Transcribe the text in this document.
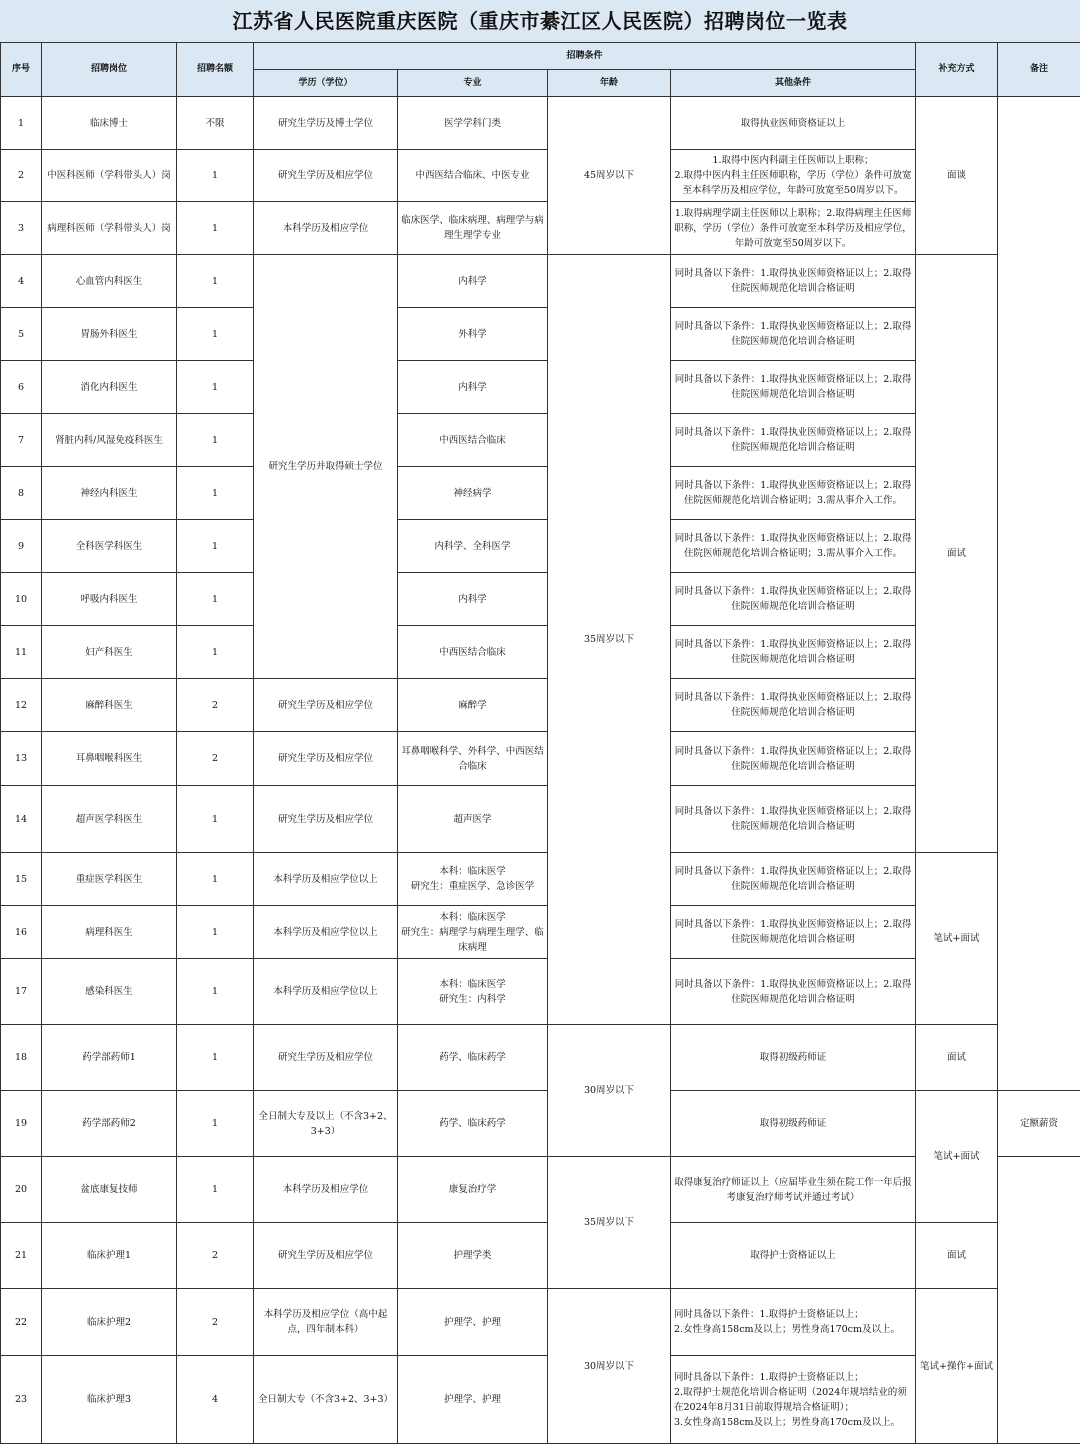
江苏省人民医院重庆医院（重庆市綦江区人民医院）招聘岗位一览表
序号	招聘岗位	招聘名额	招聘条件				补充方式	备注
			学历（学位）	专业	年龄	其他条件		
1	临床博士	不限	研究生学历及博士学位	医学学科门类	45周岁以下	取得执业医师资格证以上	面谈	
2	中医科医师（学科带头人）岗	1	研究生学历及相应学位	中西医结合临床、中医专业		1.取得中医内科副主任医师以上职称；
2.取得中医内科主任医师职称，学历（学位）条件可放宽至本科学历及相应学位，年龄可放宽至50周岁以下。		

3	病理科医师（学科带头人）岗	1	本科学历及相应学位	临床医学、临床病理、病理学与病理生理学专业		1.取得病理学副主任医师以上职称；2.取得病理主任医师职称，学历（学位）条件可放宽至本科学历及相应学位，年龄可放宽至50周岁以下。		
4	心血管内科医生	1	研究生学历并取得硕士学位	内科学	35周岁以下	同时具备以下条件：1.取得执业医师资格证以上；2.取得住院医师规范化培训合格证明	面试	
5	胃肠外科医生	1		外科学		同时具备以下条件：1.取得执业医师资格证以上；2.取得住院医师规范化培训合格证明		
6	消化内科医生	1		内科学		同时具备以下条件：1.取得执业医师资格证以上；2.取得住院医师规范化培训合格证明		
7	肾脏内科/风湿免疫科医生	1		中西医结合临床		同时具备以下条件：1.取得执业医师资格证以上；2.取得住院医师规范化培训合格证明		
8	神经内科医生	1		神经病学		同时具备以下条件：1.取得执业医师资格证以上；2.取得住院医师规范化培训合格证明；3.需从事介入工作。		
9	全科医学科医生	1		内科学、全科医学		同时具备以下条件：1.取得执业医师资格证以上；2.取得住院医师规范化培训合格证明；3.需从事介入工作。		
10	呼吸内科医生	1		内科学		同时具备以下条件：1.取得执业医师资格证以上；2.取得住院医师规范化培训合格证明		
11	妇产科医生	1		中西医结合临床		同时具备以下条件：1.取得执业医师资格证以上；2.取得住院医师规范化培训合格证明		
12	麻醉科医生	2	研究生学历及相应学位	麻醉学		同时具备以下条件：1.取得执业医师资格证以上；2.取得住院医师规范化培训合格证明		
13	耳鼻咽喉科医生	2	研究生学历及相应学位	耳鼻咽喉科学、外科学、中西医结合临床		同时具备以下条件：1.取得执业医师资格证以上；2.取得住院医师规范化培训合格证明		
14	超声医学科医生	1	研究生学历及相应学位	超声医学		同时具备以下条件：1.取得执业医师资格证以上；2.取得住院医师规范化培训合格证明		
15	重症医学科医生	1	本科学历及相应学位以上	本科：临床医学
研究生：重症医学、急诊医学		同时具备以下条件：1.取得执业医师资格证以上；2.取得住院医师规范化培训合格证明	笔试+面试	
16	病理科医生	1	本科学历及相应学位以上	本科：临床医学
研究生：病理学与病理生理学、临床病理		同时具备以下条件：1.取得执业医师资格证以上；2.取得住院医师规范化培训合格证明		
17	感染科医生	1	本科学历及相应学位以上	本科：临床医学
研究生：内科学		同时具备以下条件：1.取得执业医师资格证以上；2.取得住院医师规范化培训合格证明		
18	药学部药师1	1	研究生学历及相应学位	药学、临床药学	30周岁以下	取得初级药师证	面试	
19	药学部药师2	1	全日制大专及以上（不含3+2、3+3）	药学、临床药学		取得初级药师证	笔试+面试	定额薪资
20	盆底康复技师	1	本科学历及相应学位	康复治疗学	35周岁以下	取得康复治疗师证以上（应届毕业生须在院工作一年后报考康复治疗师考试并通过考试）		
21	临床护理1	2	研究生学历及相应学位	护理学类		取得护士资格证以上	面试	
22	临床护理2	2	本科学历及相应学位（高中起点，四年制本科）	护理学、护理	30周岁以下	同时具备以下条件：1.取得护士资格证以上；
2.女性身高158cm及以上；男性身高170cm及以上。	笔试+操作+面试	
23	临床护理3	4	全日制大专（不含3+2、3+3）	护理学、护理		同时具备以下条件：1.取得护士资格证以上；
2.取得护士规范化培训合格证明（2024年规培结业的须在2024年8月31日前取得规培合格证明）；
3.女性身高158cm及以上；男性身高170cm及以上。		
